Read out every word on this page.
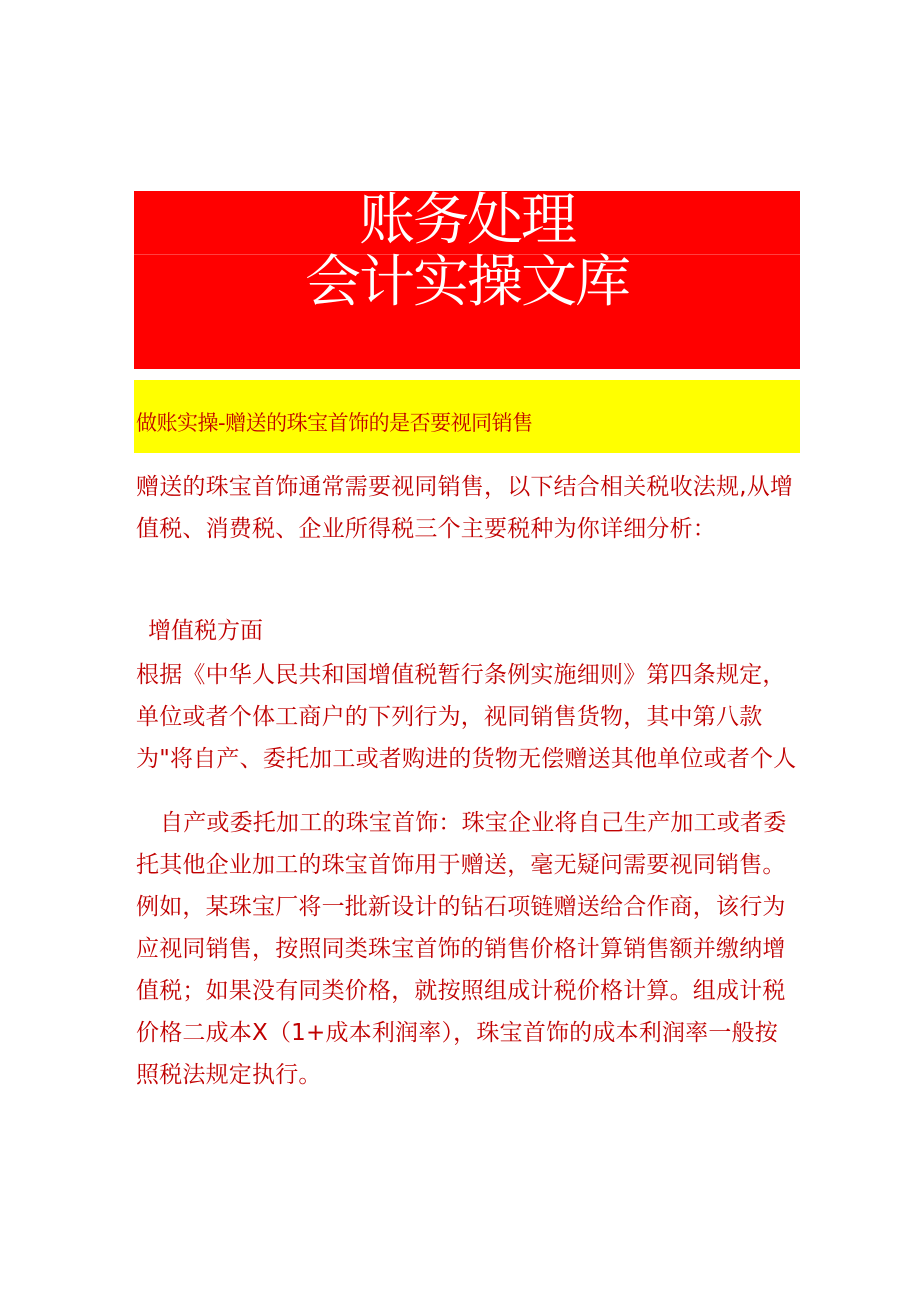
账务处理
会计实操文库
做账实操-赠送的珠宝首饰的是否要视同销售

赠送的珠宝首饰通常需要视同销售，以下结合相关税收法规,从增值税、消费税、企业所得税三个主要税种为你详细分析：

增值税方面

根据《中华人民共和国增值税暂行条例实施细则》第四条规定，单位或者个体工商户的下列行为，视同销售货物，其中第八款为"将自产、委托加工或者购进的货物无偿赠送其他单位或者个人

自产或委托加工的珠宝首饰：珠宝企业将自己生产加工或者委托其他企业加工的珠宝首饰用于赠送，毫无疑问需要视同销售。例如，某珠宝厂将一批新设计的钻石项链赠送给合作商，该行为应视同销售，按照同类珠宝首饰的销售价格计算销售额并缴纳增值税；如果没有同类价格，就按照组成计税价格计算。组成计税价格二成本X（1+成本利润率），珠宝首饰的成本利润率一般按照税法规定执行。
